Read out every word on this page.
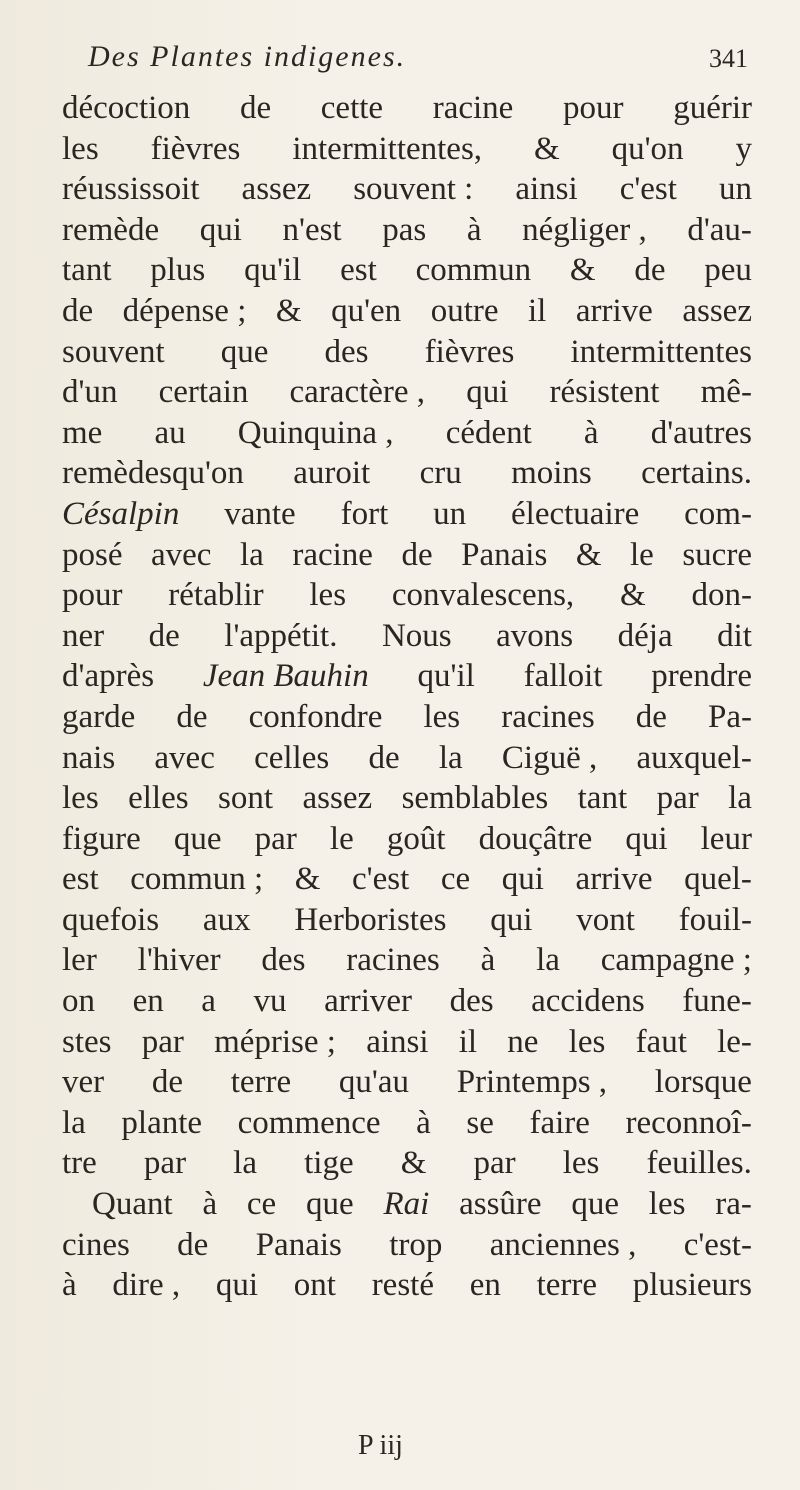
Des Plantes indigenes.	341
décoction de cette racine pour guérir
les fièvres intermittentes, & qu'on y
réussissoit assez souvent : ainsi c'est un
remède qui n'est pas à négliger , d'au-
tant plus qu'il est commun & de peu
de dépense ; & qu'en outre il arrive assez
souvent que des fièvres intermittentes
d'un certain caractère , qui résistent mê-
me au Quinquina , cédent à d'autres
remèdesqu'on auroit cru moins certains.
Césalpin vante fort un électuaire com-
posé avec la racine de Panais & le sucre
pour rétablir les convalescens, & don-
ner de l'appétit. Nous avons déja dit
d'après Jean Bauhin qu'il falloit prendre
garde de confondre les racines de Pa-
nais avec celles de la Ciguë , auxquel-
les elles sont assez semblables tant par la
figure que par le goût douçâtre qui leur
est commun ; & c'est ce qui arrive quel-
quefois aux Herboristes qui vont fouil-
ler l'hiver des racines à la campagne ;
on en a vu arriver des accidens fune-
stes par méprise ; ainsi il ne les faut le-
ver de terre qu'au Printemps , lorsque
la plante commence à se faire reconnoî-
tre par la tige & par les feuilles.
Quant à ce que Rai assûre que les ra-
cines de Panais trop anciennes , c'est-
à dire , qui ont resté en terre plusieurs
P iij
